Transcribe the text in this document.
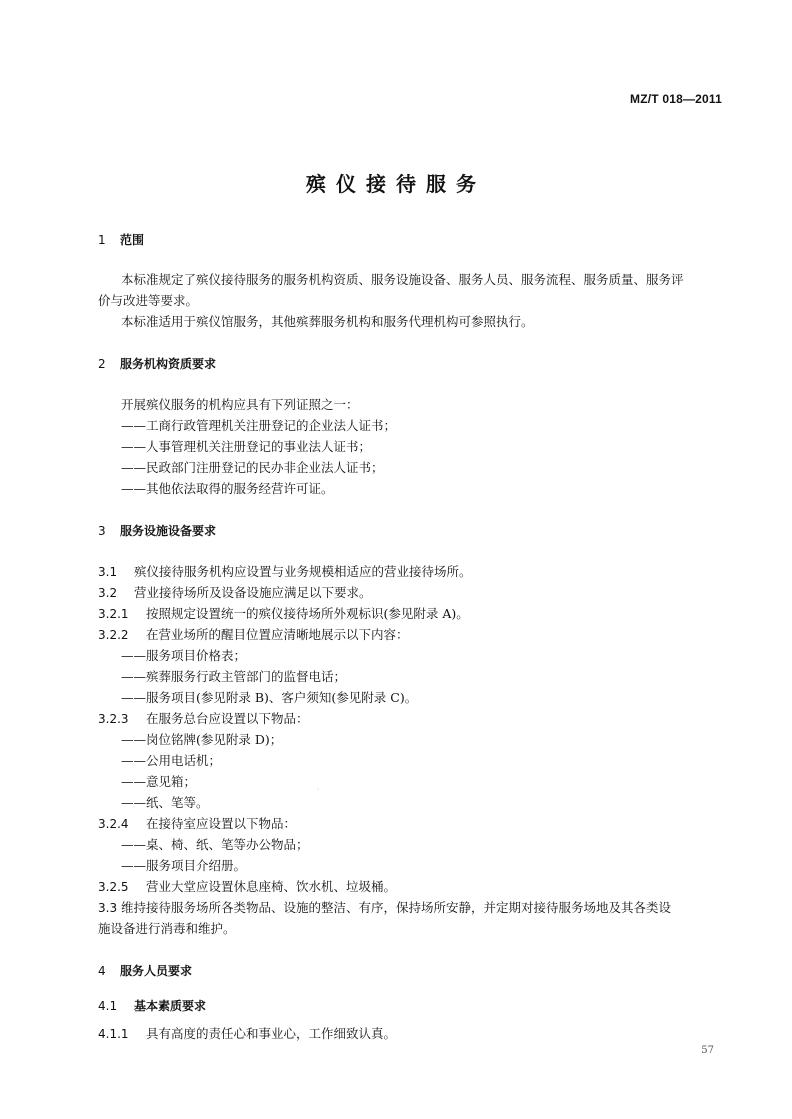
MZ/T 018—2011
殡仪接待服务
1 范围
本标准规定了殡仪接待服务的服务机构资质、服务设施设备、服务人员、服务流程、服务质量、服务评
价与改进等要求。
本标准适用于殡仪馆服务，其他殡葬服务机构和服务代理机构可参照执行。
2 服务机构资质要求
开展殡仪服务的机构应具有下列证照之一：
——工商行政管理机关注册登记的企业法人证书；
——人事管理机关注册登记的事业法人证书；
——民政部门注册登记的民办非企业法人证书；
——其他依法取得的服务经营许可证。
3 服务设施设备要求
3.1 殡仪接待服务机构应设置与业务规模相适应的营业接待场所。
3.2 营业接待场所及设备设施应满足以下要求。
3.2.1 按照规定设置统一的殡仪接待场所外观标识(参见附录 A)。
3.2.2 在营业场所的醒目位置应清晰地展示以下内容：
——服务项目价格表；
——殡葬服务行政主管部门的监督电话；
——服务项目(参见附录 B)、客户须知(参见附录 C)。
3.2.3 在服务总台应设置以下物品：
——岗位铭牌(参见附录 D)；
——公用电话机；
——意见箱；
——纸、笔等。
`
3.2.4 在接待室应设置以下物品：
——桌、椅、纸、笔等办公物品；
——服务项目介绍册。
3.2.5 营业大堂应设置休息座椅、饮水机、垃圾桶。
3.3 维持接待服务场所各类物品、设施的整洁、有序，保持场所安静，并定期对接待服务场地及其各类设
施设备进行消毒和维护。
4 服务人员要求
4.1 基本素质要求
4.1.1 具有高度的责任心和事业心，工作细致认真。
57
